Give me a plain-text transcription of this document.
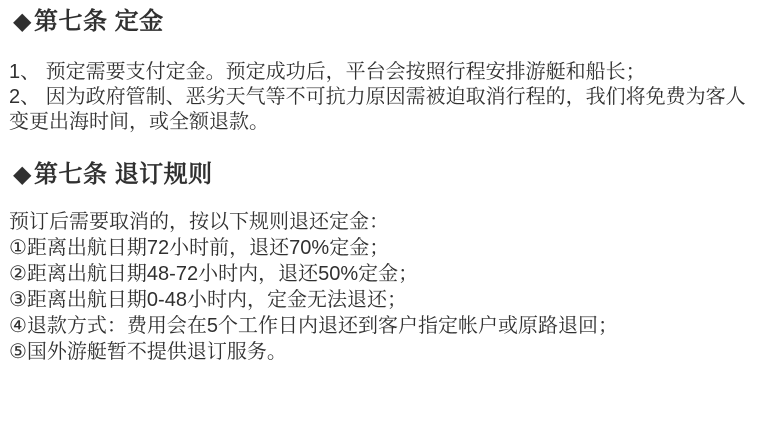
◆第七条 定金
1、 预定需要支付定金。预定成功后，平台会按照行程安排游艇和船长；
2、 因为政府管制、恶劣天气等不可抗力原因需被迫取消行程的，我们将免费为客人
变更出海时间，或全额退款。
◆第七条 退订规则
预订后需要取消的，按以下规则退还定金：
①距离出航日期72小时前，退还70%定金；
②距离出航日期48-72小时内，退还50%定金；
③距离出航日期0-48小时内，定金无法退还；
④退款方式：费用会在5个工作日内退还到客户指定帐户或原路退回；
⑤国外游艇暂不提供退订服务。
